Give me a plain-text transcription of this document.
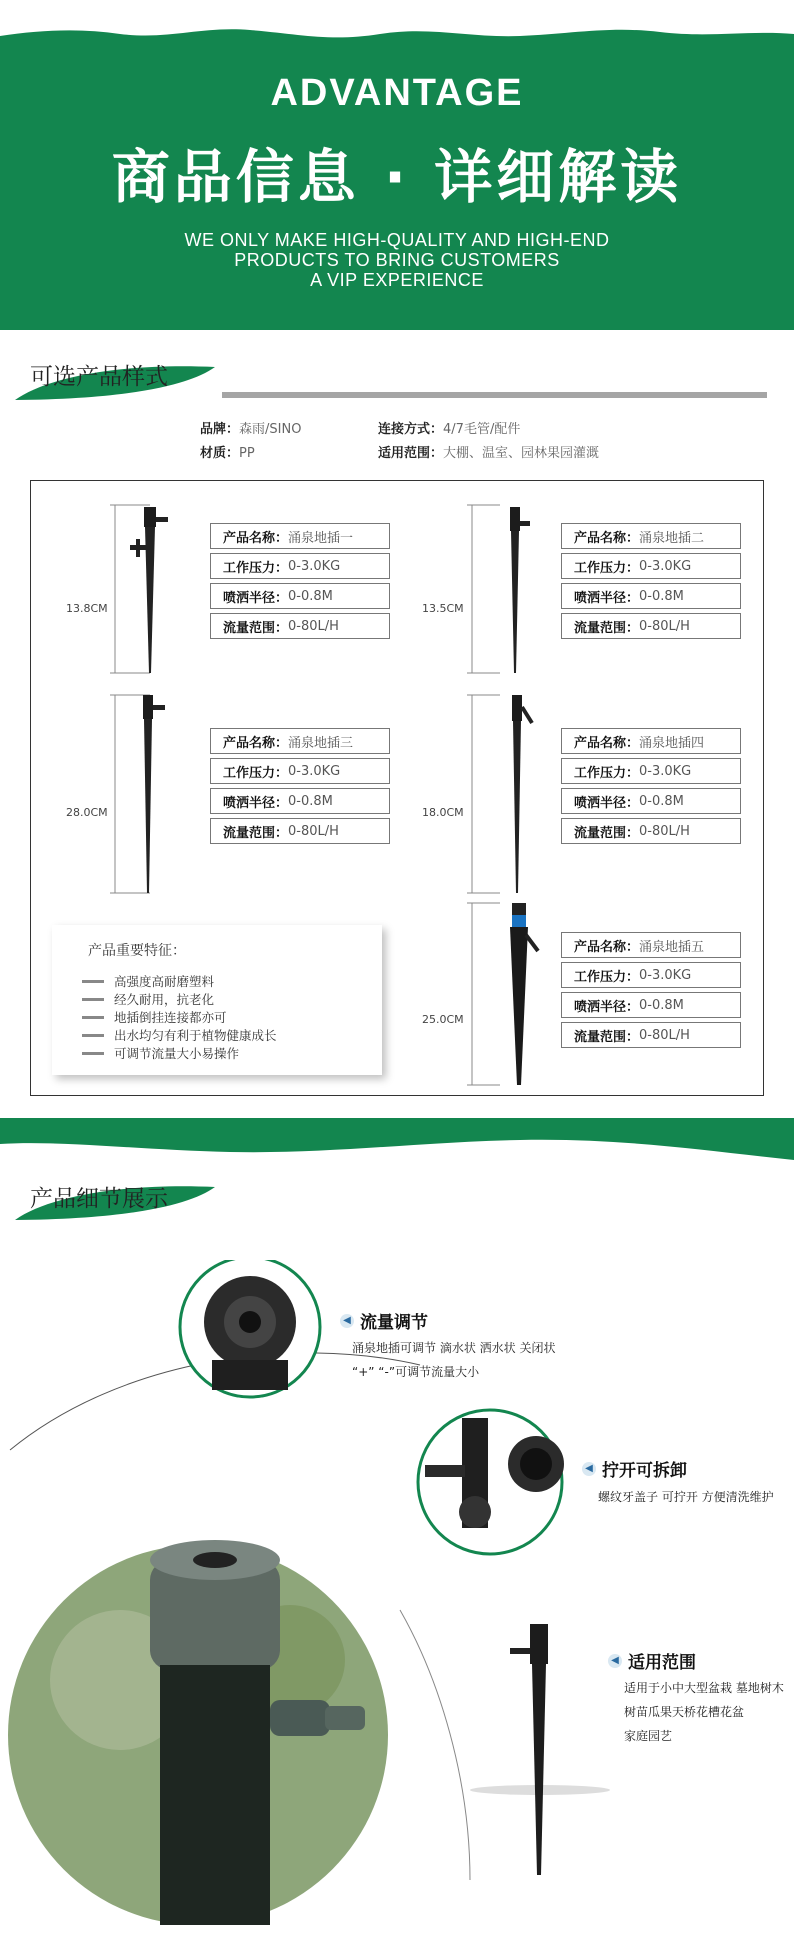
ADVANTAGE
商品信息 · 详细解读
WE ONLY MAKE HIGH-QUALITY AND HIGH-END
PRODUCTS TO BRING CUSTOMERS
A VIP EXPERIENCE
可选产品样式
品牌：森雨/SINO
材质：PP
连接方式：4/7毛管/配件
适用范围：大棚、温室、园林果园灌溉
13.8CM	13.5CM
28.0CM	18.0CM
25.0CM
产品名称： 涌泉地插一
工作压力： 0-3.0KG
喷洒半径： 0-0.8M
流量范围： 0-80L/H
产品名称： 涌泉地插二
工作压力： 0-3.0KG
喷洒半径： 0-0.8M
流量范围： 0-80L/H
产品名称： 涌泉地插三
工作压力： 0-3.0KG
喷洒半径： 0-0.8M
流量范围： 0-80L/H
产品名称： 涌泉地插四
工作压力： 0-3.0KG
喷洒半径： 0-0.8M
流量范围： 0-80L/H
产品名称： 涌泉地插五
工作压力： 0-3.0KG
喷洒半径： 0-0.8M
流量范围： 0-80L/H
产品重要特征：
高强度高耐磨塑料
经久耐用，抗老化
地插倒挂连接都亦可
出水均匀有利于植物健康成长
可调节流量大小易操作
产品细节展示
◀ 流量调节
涌泉地插可调节 滴水状 洒水状 关闭状
“+” “-”可调节流量大小
◀ 拧开可拆卸
螺纹牙盖子 可拧开 方便清洗维护
◀ 适用范围
适用于小中大型盆栽 墓地树木
树苗瓜果天桥花槽花盆
家庭园艺
